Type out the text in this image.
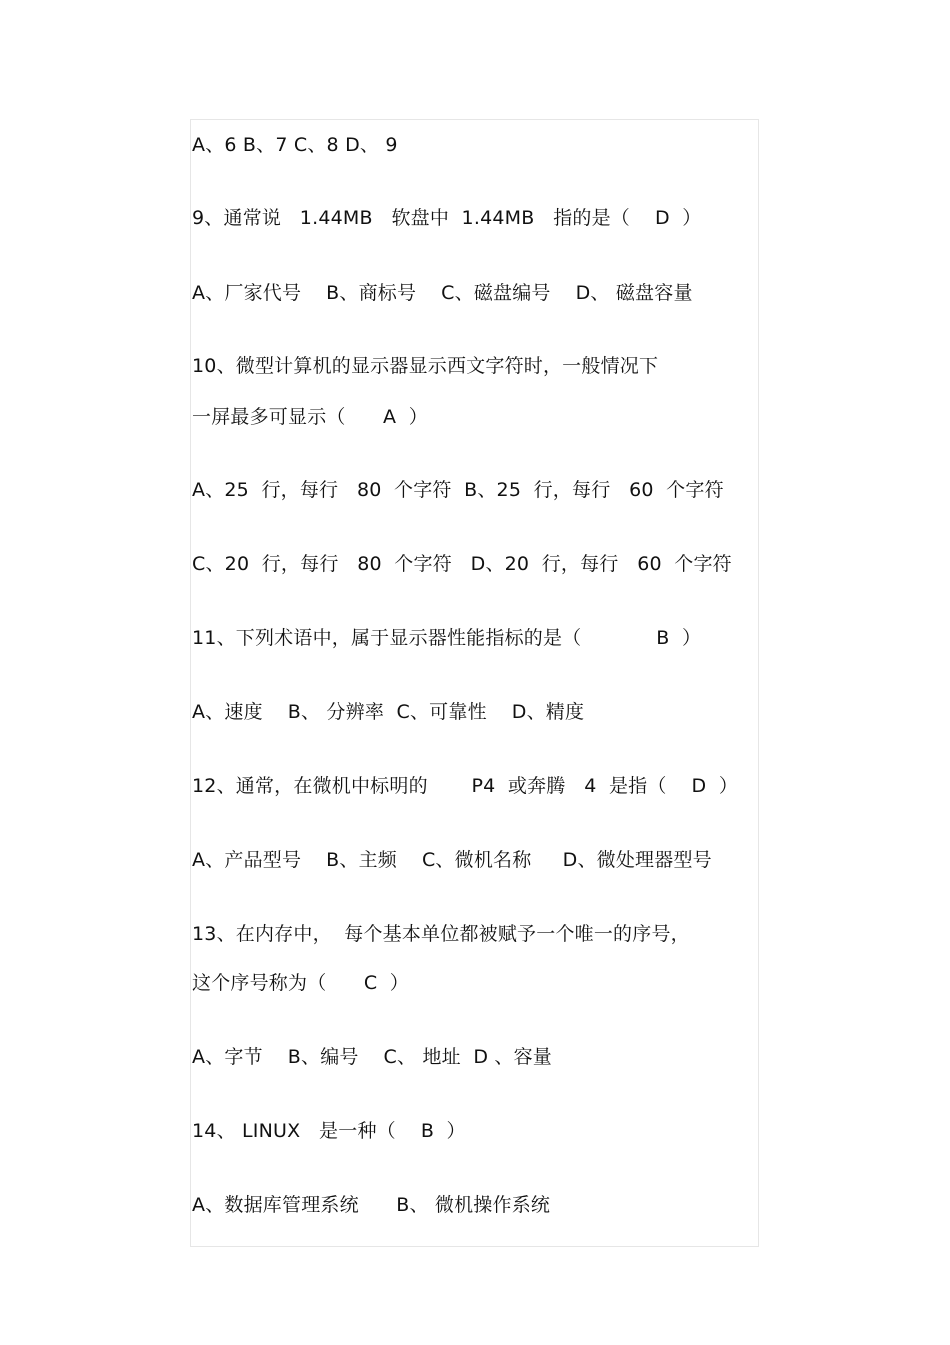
A、6 B、7 C、8 D、 9
9、通常说   1.44MB   软盘中  1.44MB   指的是（    D  ）
A、厂家代号    B、商标号    C、磁盘编号    D、 磁盘容量
10、微型计算机的显示器显示西文字符时，一般情况下
一屏最多可显示（      A  ）
A、25  行，每行   80  个字符  B、25  行，每行   60  个字符
C、20  行，每行   80  个字符   D、20  行，每行   60  个字符
11、下列术语中，属于显示器性能指标的是（            B  ）
A、速度    B、 分辨率  C、可靠性    D、精度
12、通常，在微机中标明的       P4  或奔腾   4  是指（    D  ）
A、产品型号    B、主频    C、微机名称     D、微处理器型号
13、在内存中，  每个基本单位都被赋予一个唯一的序号，
这个序号称为（      C  ）
A、字节    B、编号    C、 地址  D 、容量
14、 LINUX   是一种（    B  ）
A、数据库管理系统      B、 微机操作系统
